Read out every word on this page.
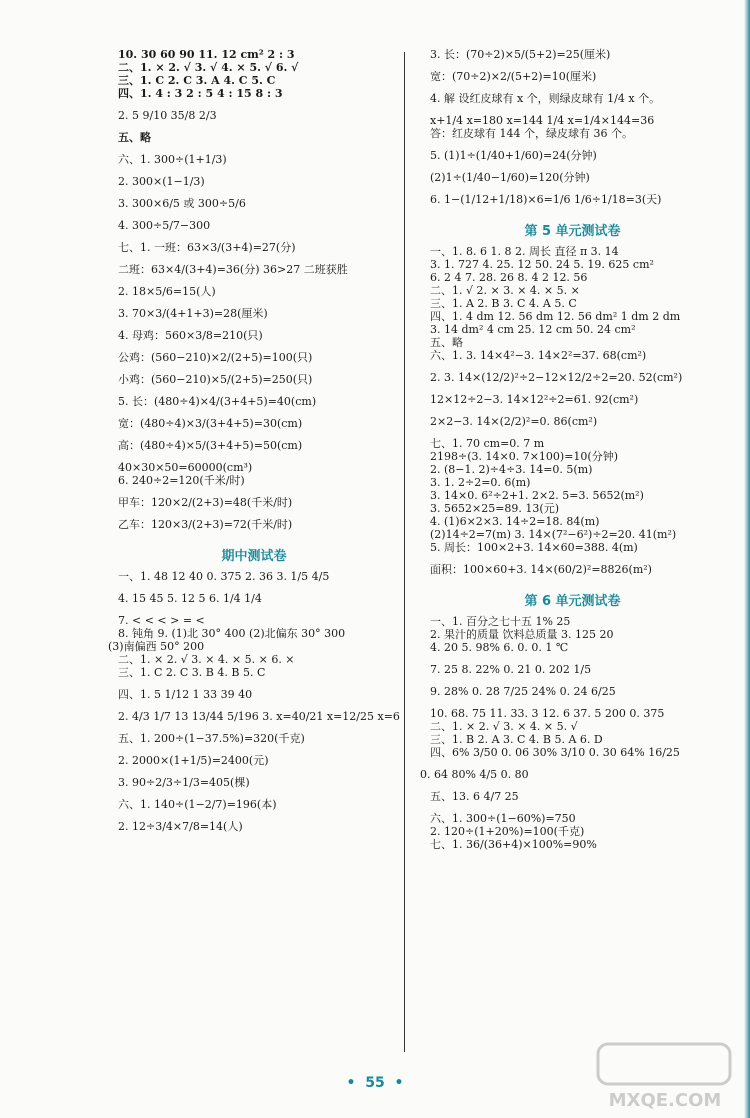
10. 30 60 90 11. 12 cm² 2 : 3
二、1. × 2. √ 3. √ 4. × 5. √ 6. √
三、1. C 2. C 3. A 4. C 5. C
四、1. 4 : 3 2 : 5 4 : 15 8 : 3
2. 5 9/10 35/8 2/3
五、略
六、1. 300÷(1+1/3)
2. 300×(1−1/3)
3. 300×6/5 或 300÷5/6
4. 300÷5/7−300
七、1. 一班：63×3/(3+4)=27(分)
二班：63×4/(3+4)=36(分) 36>27 二班获胜
2. 18×5/6=15(人)
3. 70×3/(4+1+3)=28(厘米)
4. 母鸡：560×3/8=210(只)
公鸡：(560−210)×2/(2+5)=100(只)
小鸡：(560−210)×5/(2+5)=250(只)
5. 长：(480÷4)×4/(3+4+5)=40(cm)
宽：(480÷4)×3/(3+4+5)=30(cm)
高：(480÷4)×5/(3+4+5)=50(cm)
40×30×50=60000(cm³)
6. 240÷2=120(千米/时)
甲车：120×2/(2+3)=48(千米/时)
乙车：120×3/(2+3)=72(千米/时)
期中测试卷
一、1. 48 12 40 0. 375 2. 36 3. 1/5 4/5
4. 15 45 5. 12 5 6. 1/4 1/4
7. < < < > = <
8. 钝角 9. (1)北 30° 400 (2)北偏东 30° 300
(3)南偏西 50° 200
二、1. × 2. √ 3. × 4. × 5. × 6. ×
三、1. C 2. C 3. B 4. B 5. C
四、1. 5 1/12 1 33 39 40
2. 4/3 1/7 13 13/44 5/196 3. x=40/21 x=12/25 x=6
五、1. 200÷(1−37.5%)=320(千克)
2. 2000×(1+1/5)=2400(元)
3. 90÷2/3÷1/3=405(棵)
六、1. 140÷(1−2/7)=196(本)
2. 12÷3/4×7/8=14(人)
3. 长：(70÷2)×5/(5+2)=25(厘米)
宽：(70÷2)×2/(5+2)=10(厘米)
4. 解 设红皮球有 x 个，则绿皮球有 1/4 x 个。
x+1/4 x=180 x=144 1/4 x=1/4×144=36
答：红皮球有 144 个，绿皮球有 36 个。
5. (1)1÷(1/40+1/60)=24(分钟)
(2)1÷(1/40−1/60)=120(分钟)
6. 1−(1/12+1/18)×6=1/6 1/6÷1/18=3(天)
第 5 单元测试卷
一、1. 8. 6 1. 8 2. 周长 直径 π 3. 14
3. 1. 727 4. 25. 12 50. 24 5. 19. 625 cm²
6. 2 4 7. 28. 26 8. 4 2 12. 56
二、1. √ 2. × 3. × 4. × 5. ×
三、1. A 2. B 3. C 4. A 5. C
四、1. 4 dm 12. 56 dm 12. 56 dm² 1 dm 2 dm
3. 14 dm² 4 cm 25. 12 cm 50. 24 cm²
五、略
六、1. 3. 14×4²−3. 14×2²=37. 68(cm²)
2. 3. 14×(12/2)²÷2−12×12/2÷2=20. 52(cm²)
12×12÷2−3. 14×12²÷2=61. 92(cm²)
2×2−3. 14×(2/2)²=0. 86(cm²)
七、1. 70 cm=0. 7 m
2198÷(3. 14×0. 7×100)=10(分钟)
2. (8−1. 2)÷4÷3. 14=0. 5(m)
3. 1. 2÷2=0. 6(m)
3. 14×0. 6²÷2+1. 2×2. 5=3. 5652(m²)
3. 5652×25=89. 13(元)
4. (1)6×2×3. 14÷2=18. 84(m)
(2)14÷2=7(m) 3. 14×(7²−6²)÷2=20. 41(m²)
5. 周长：100×2+3. 14×60=388. 4(m)
面积：100×60+3. 14×(60/2)²=8826(m²)
第 6 单元测试卷
一、1. 百分之七十五 1% 25
2. 果汁的质量 饮料总质量 3. 125 20
4. 20 5. 98% 6. 0. 0. 1 ℃
7. 25 8. 22% 0. 21 0. 202 1/5
9. 28% 0. 28 7/25 24% 0. 24 6/25
10. 68. 75 11. 33. 3 12. 6 37. 5 200 0. 375
二、1. × 2. √ 3. × 4. × 5. √
三、1. B 2. A 3. C 4. B 5. A 6. D
四、6% 3/50 0. 06 30% 3/10 0. 30 64% 16/25
0. 64 80% 4/5 0. 80
五、13. 6 4/7 25
六、1. 300÷(1−60%)=750
2. 120÷(1+20%)=100(千克)
七、1. 36/(36+4)×100%=90%
•  55  •
MXQE.COM
